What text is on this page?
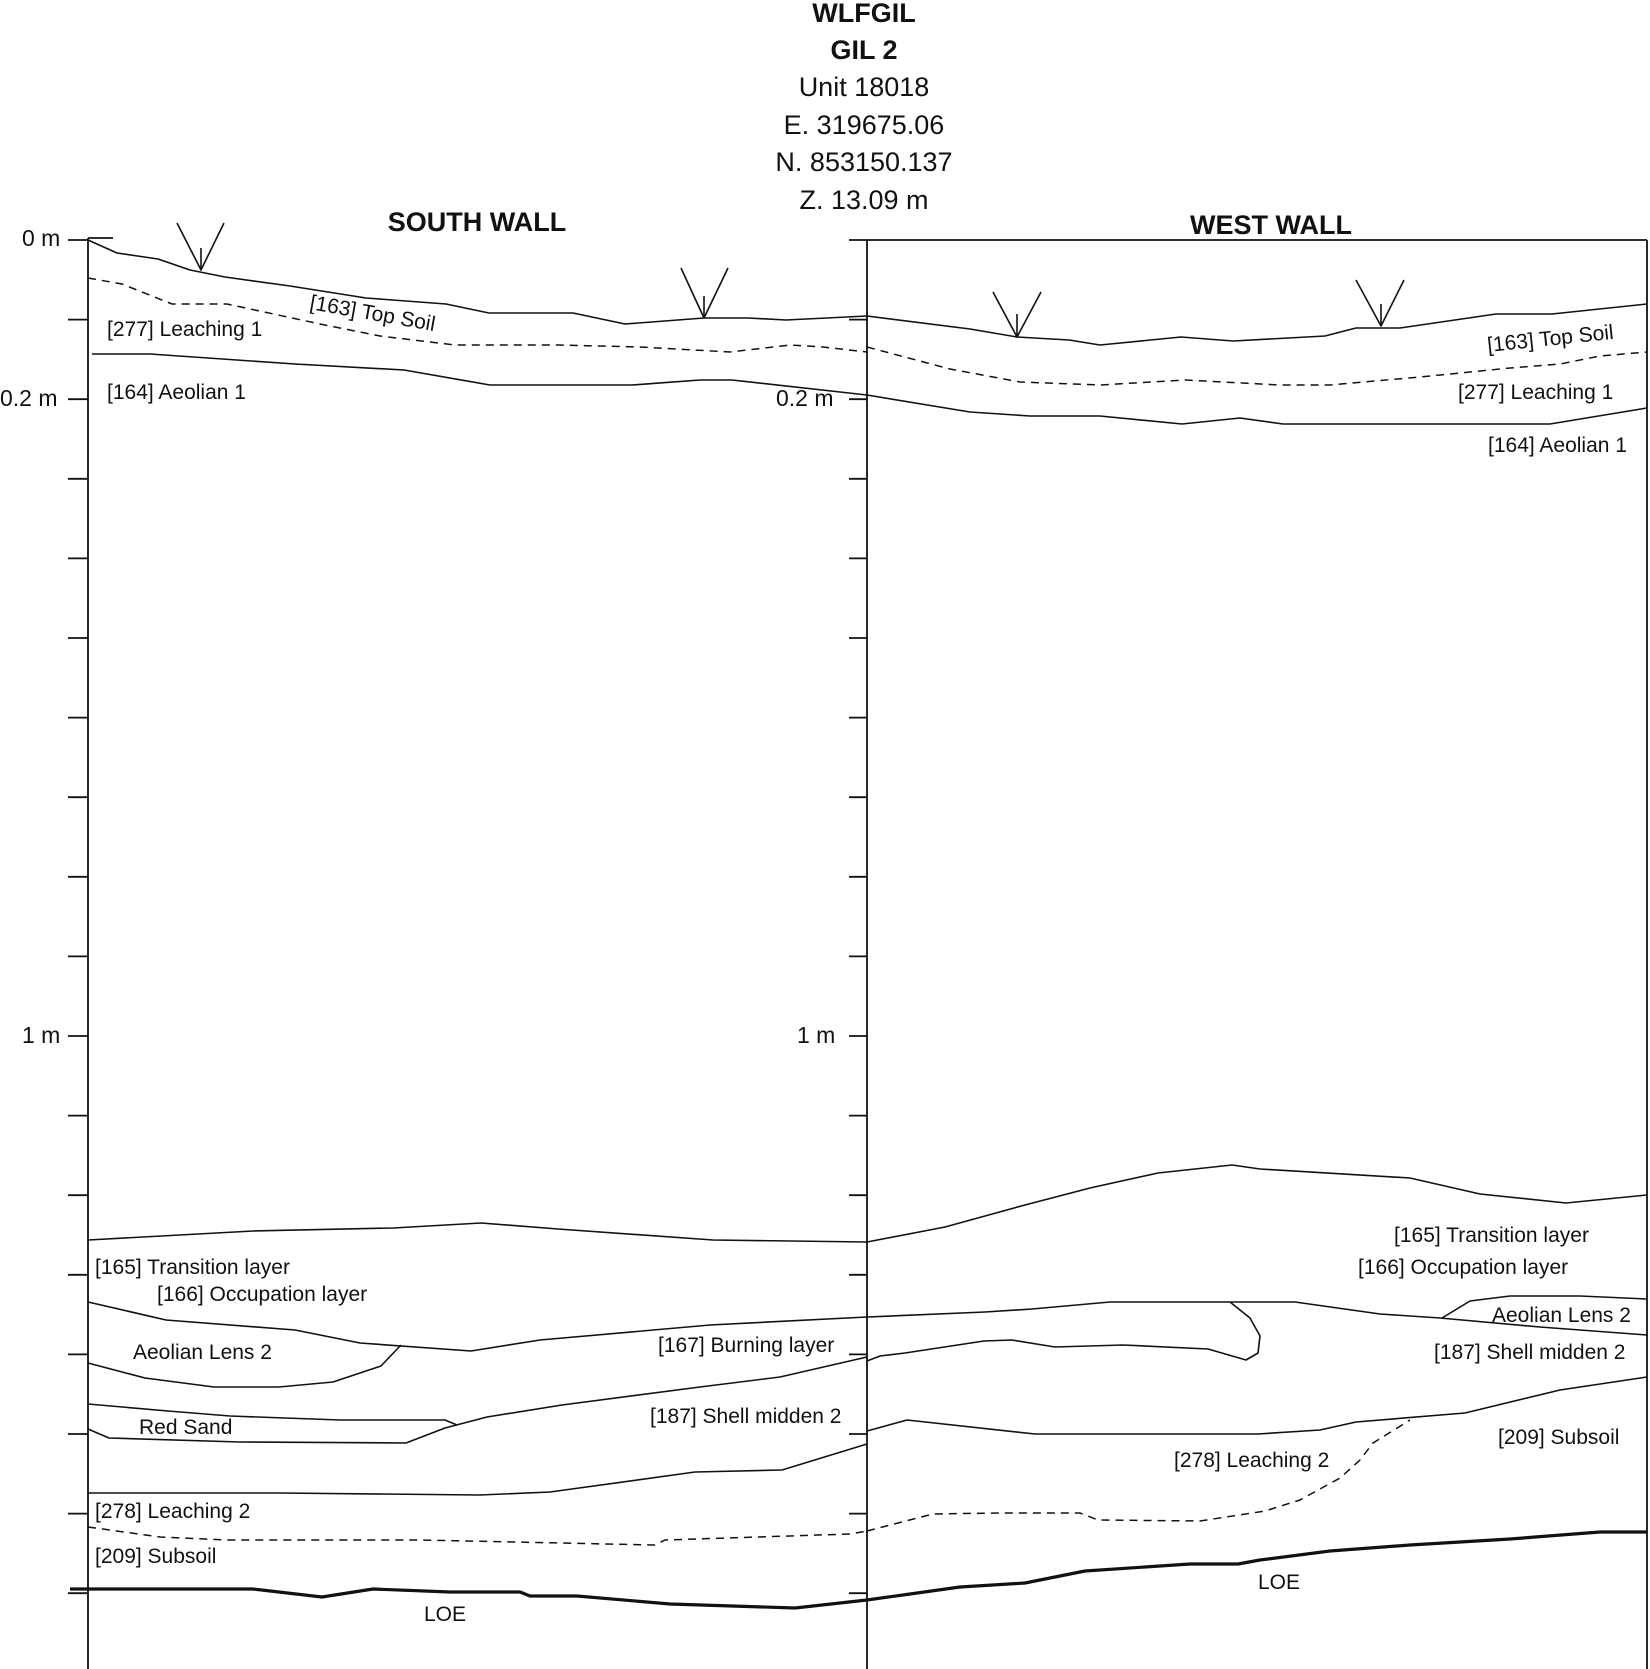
WLFGIL
GIL 2
Unit 18018
E. 319675.06
N. 853150.137
Z. 13.09 m
SOUTH WALL	WEST WALL
0 m
0.2 m
1 m
0.2 m
1 m
[163] Top Soil
[277] Leaching 1
[164] Aeolian 1
[165] Transition layer
[166] Occupation layer
Aeolian Lens 2	[167] Burning layer
Red Sand	[187] Shell midden 2
[278] Leaching 2
[209] Subsoil
LOE
[163] Top Soil
[277] Leaching 1
[164] Aeolian 1
[165] Transition layer
[166] Occupation layer
Aeolian Lens 2
[187] Shell midden 2
[209] Subsoil
[278] Leaching 2
LOE
